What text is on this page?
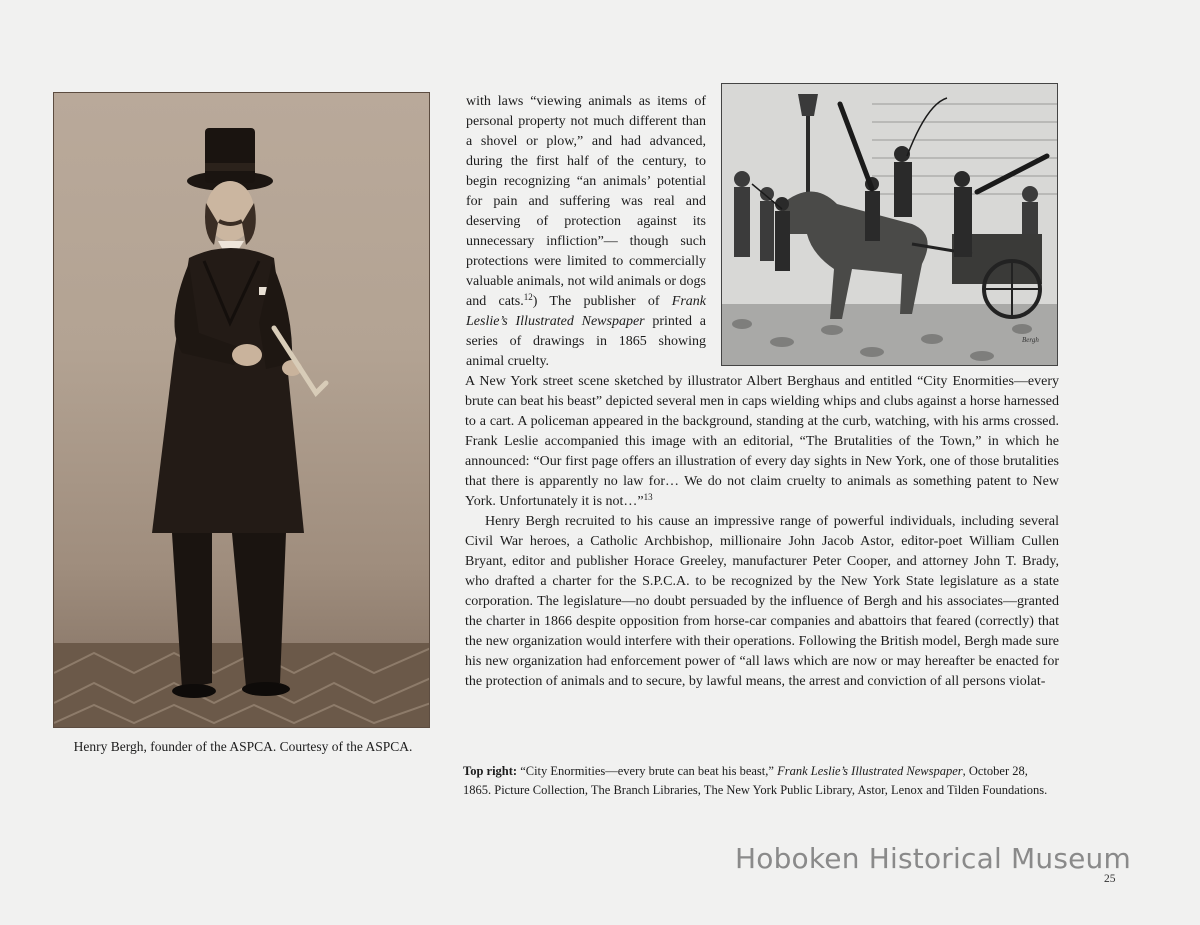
Henry Bergh, founder of the ASPCA. Courtesy of the ASPCA.
Bergh

with laws “viewing animals as items of personal property not much different than a shovel or plow,” and had advanced, during the first half of the century, to begin recognizing “an animals’ potential for pain and suffering was real and deserving of protection against its unnecessary infliction”— though such protections were limited to commercially valuable animals, not wild animals or dogs and cats.$^{12}$) The publisher of Frank Leslie’s Illustrated Newspaper printed a series of drawings in 1865 showing animal cruelty.

A New York street scene sketched by illustrator Albert Berghaus and entitled “City Enormities—every brute can beat his beast” depicted several men in caps wielding whips and clubs against a horse harnessed to a cart. A policeman appeared in the background, standing at the curb, watching, with his arms crossed. Frank Leslie accompanied this image with an editorial, “The Brutalities of the Town,” in which he announced: “Our first page offers an illustration of every day sights in New York, one of those brutalities that there is apparently no law for… We do not claim cruelty to animals as something patent to New York. Unfortunately it is not…”$^{13}$

Henry Bergh recruited to his cause an impressive range of powerful individuals, including several Civil War heroes, a Catholic Archbishop, millionaire John Jacob Astor, editor-poet William Cullen Bryant, editor and publisher Horace Greeley, manufacturer Peter Cooper, and attorney John T. Brady, who drafted a charter for the S.P.C.A. to be recognized by the New York State legislature as a state corporation. The legislature—no doubt persuaded by the influence of Bergh and his associates—granted the charter in 1866 despite opposition from horse-car companies and abattoirs that feared (correctly) that the new organization would interfere with their operations. Following the British model, Bergh made sure his new organization had enforcement power of “all laws which are now or may hereafter be enacted for the protection of animals and to secure, by lawful means, the arrest and conviction of all persons violat-

Top right: “City Enormities—every brute can beat his beast,” Frank Leslie’s Illustrated Newspaper, October 28, 1865. Picture Collection, The Branch Libraries, The New York Public Library, Astor, Lenox and Tilden Foundations.
Hoboken Historical Museum
25
